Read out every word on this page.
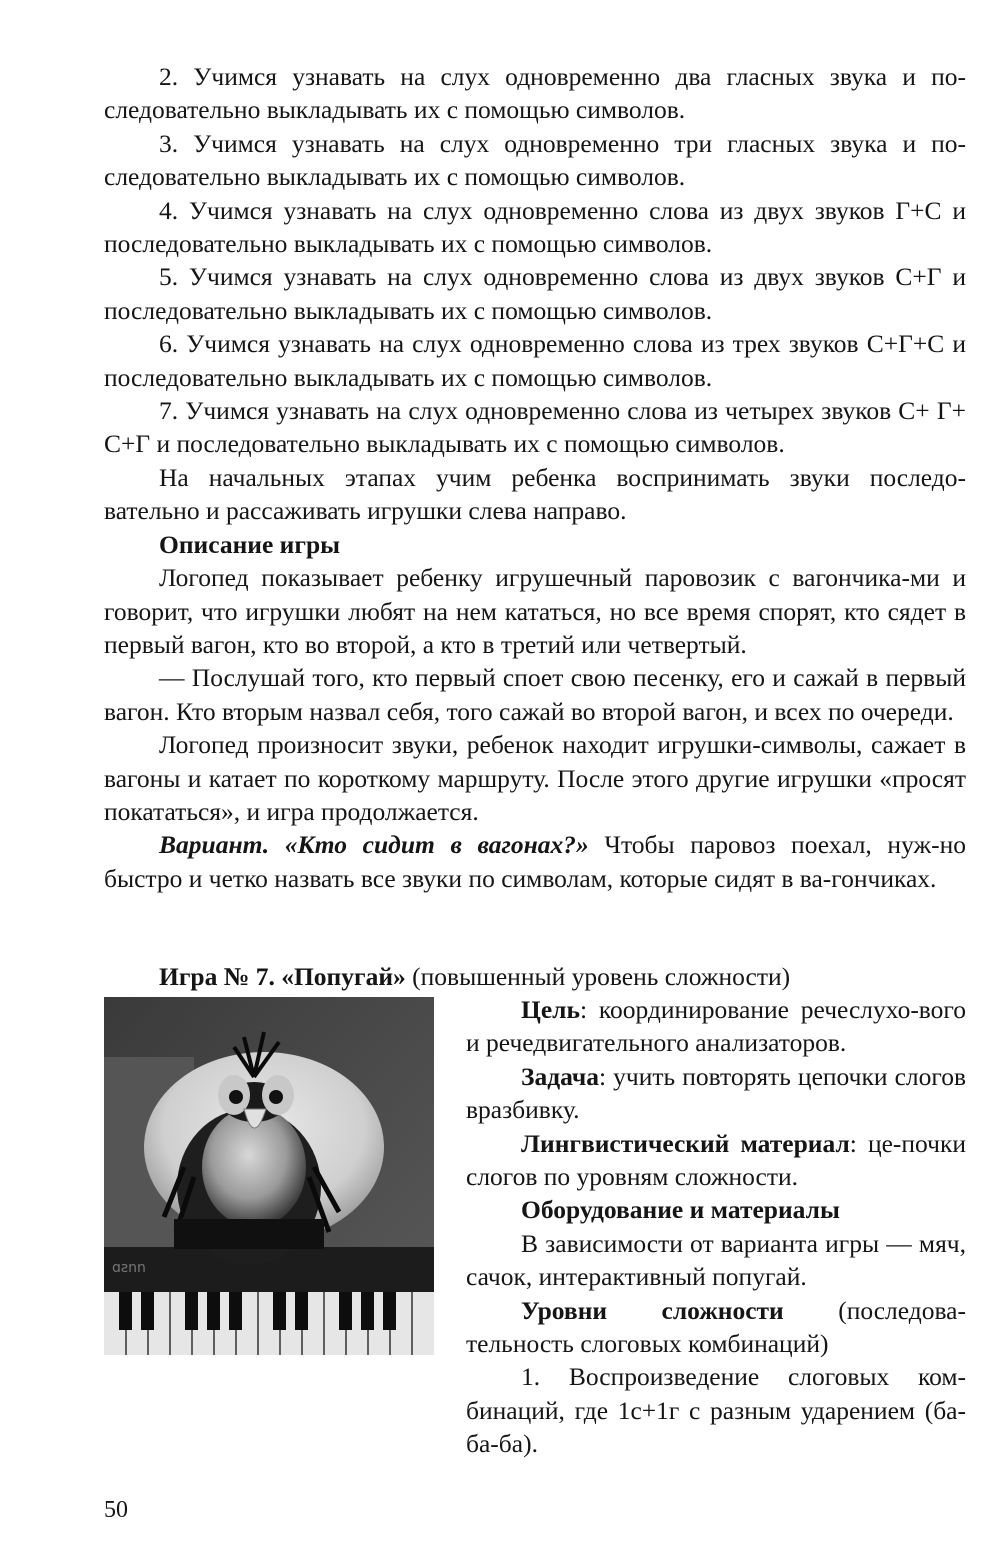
2. Учимся узнавать на слух одновременно два гласных звука и по-следовательно выкладывать их с помощью символов.

3. Учимся узнавать на слух одновременно три гласных звука и по-следовательно выкладывать их с помощью символов.

4. Учимся узнавать на слух одновременно слова из двух звуков Г+С и последовательно выкладывать их с помощью символов.

5. Учимся узнавать на слух одновременно слова из двух звуков С+Г и последовательно выкладывать их с помощью символов.

6. Учимся узнавать на слух одновременно слова из трех звуков С+Г+С и последовательно выкладывать их с помощью символов.

7. Учимся узнавать на слух одновременно слова из четырех звуков С+ Г+ С+Г и последовательно выкладывать их с помощью символов.

На начальных этапах учим ребенка воспринимать звуки последо-вательно и рассаживать игрушки слева направо.

Описание игры

Логопед показывает ребенку игрушечный паровозик с вагончика-ми и говорит, что игрушки любят на нем кататься, но все время спорят, кто сядет в первый вагон, кто во второй, а кто в третий или четвертый.

— Послушай того, кто первый споет свою песенку, его и сажай в первый вагон. Кто вторым назвал себя, того сажай во второй вагон, и всех по очереди.

Логопед произносит звуки, ребенок находит игрушки-символы, сажает в вагоны и катает по короткому маршруту. После этого другие игрушки «просят покататься», и игра продолжается.

Вариант. «Кто сидит в вагонах?» Чтобы паровоз поехал, нуж-но быстро и четко назвать все звуки по символам, которые сидят в ва-гончиках.

Игра № 7. «Попугай» (повышенный уровень сложности)

ɑƨnn

Цель: координирование речеслухо-вого и речедвигательного анализаторов.

Задача: учить повторять цепочки слогов вразбивку.

Лингвистический материал: це-почки слогов по уровням сложности.

Оборудование и материалы

В зависимости от варианта игры — мяч, сачок, интерактивный попугай.

Уровни сложности (последова-тельность слоговых комбинаций)

1. Воспроизведение слоговых ком-бинаций, где 1с+1г с разным ударением (ба-ба-ба).

50
